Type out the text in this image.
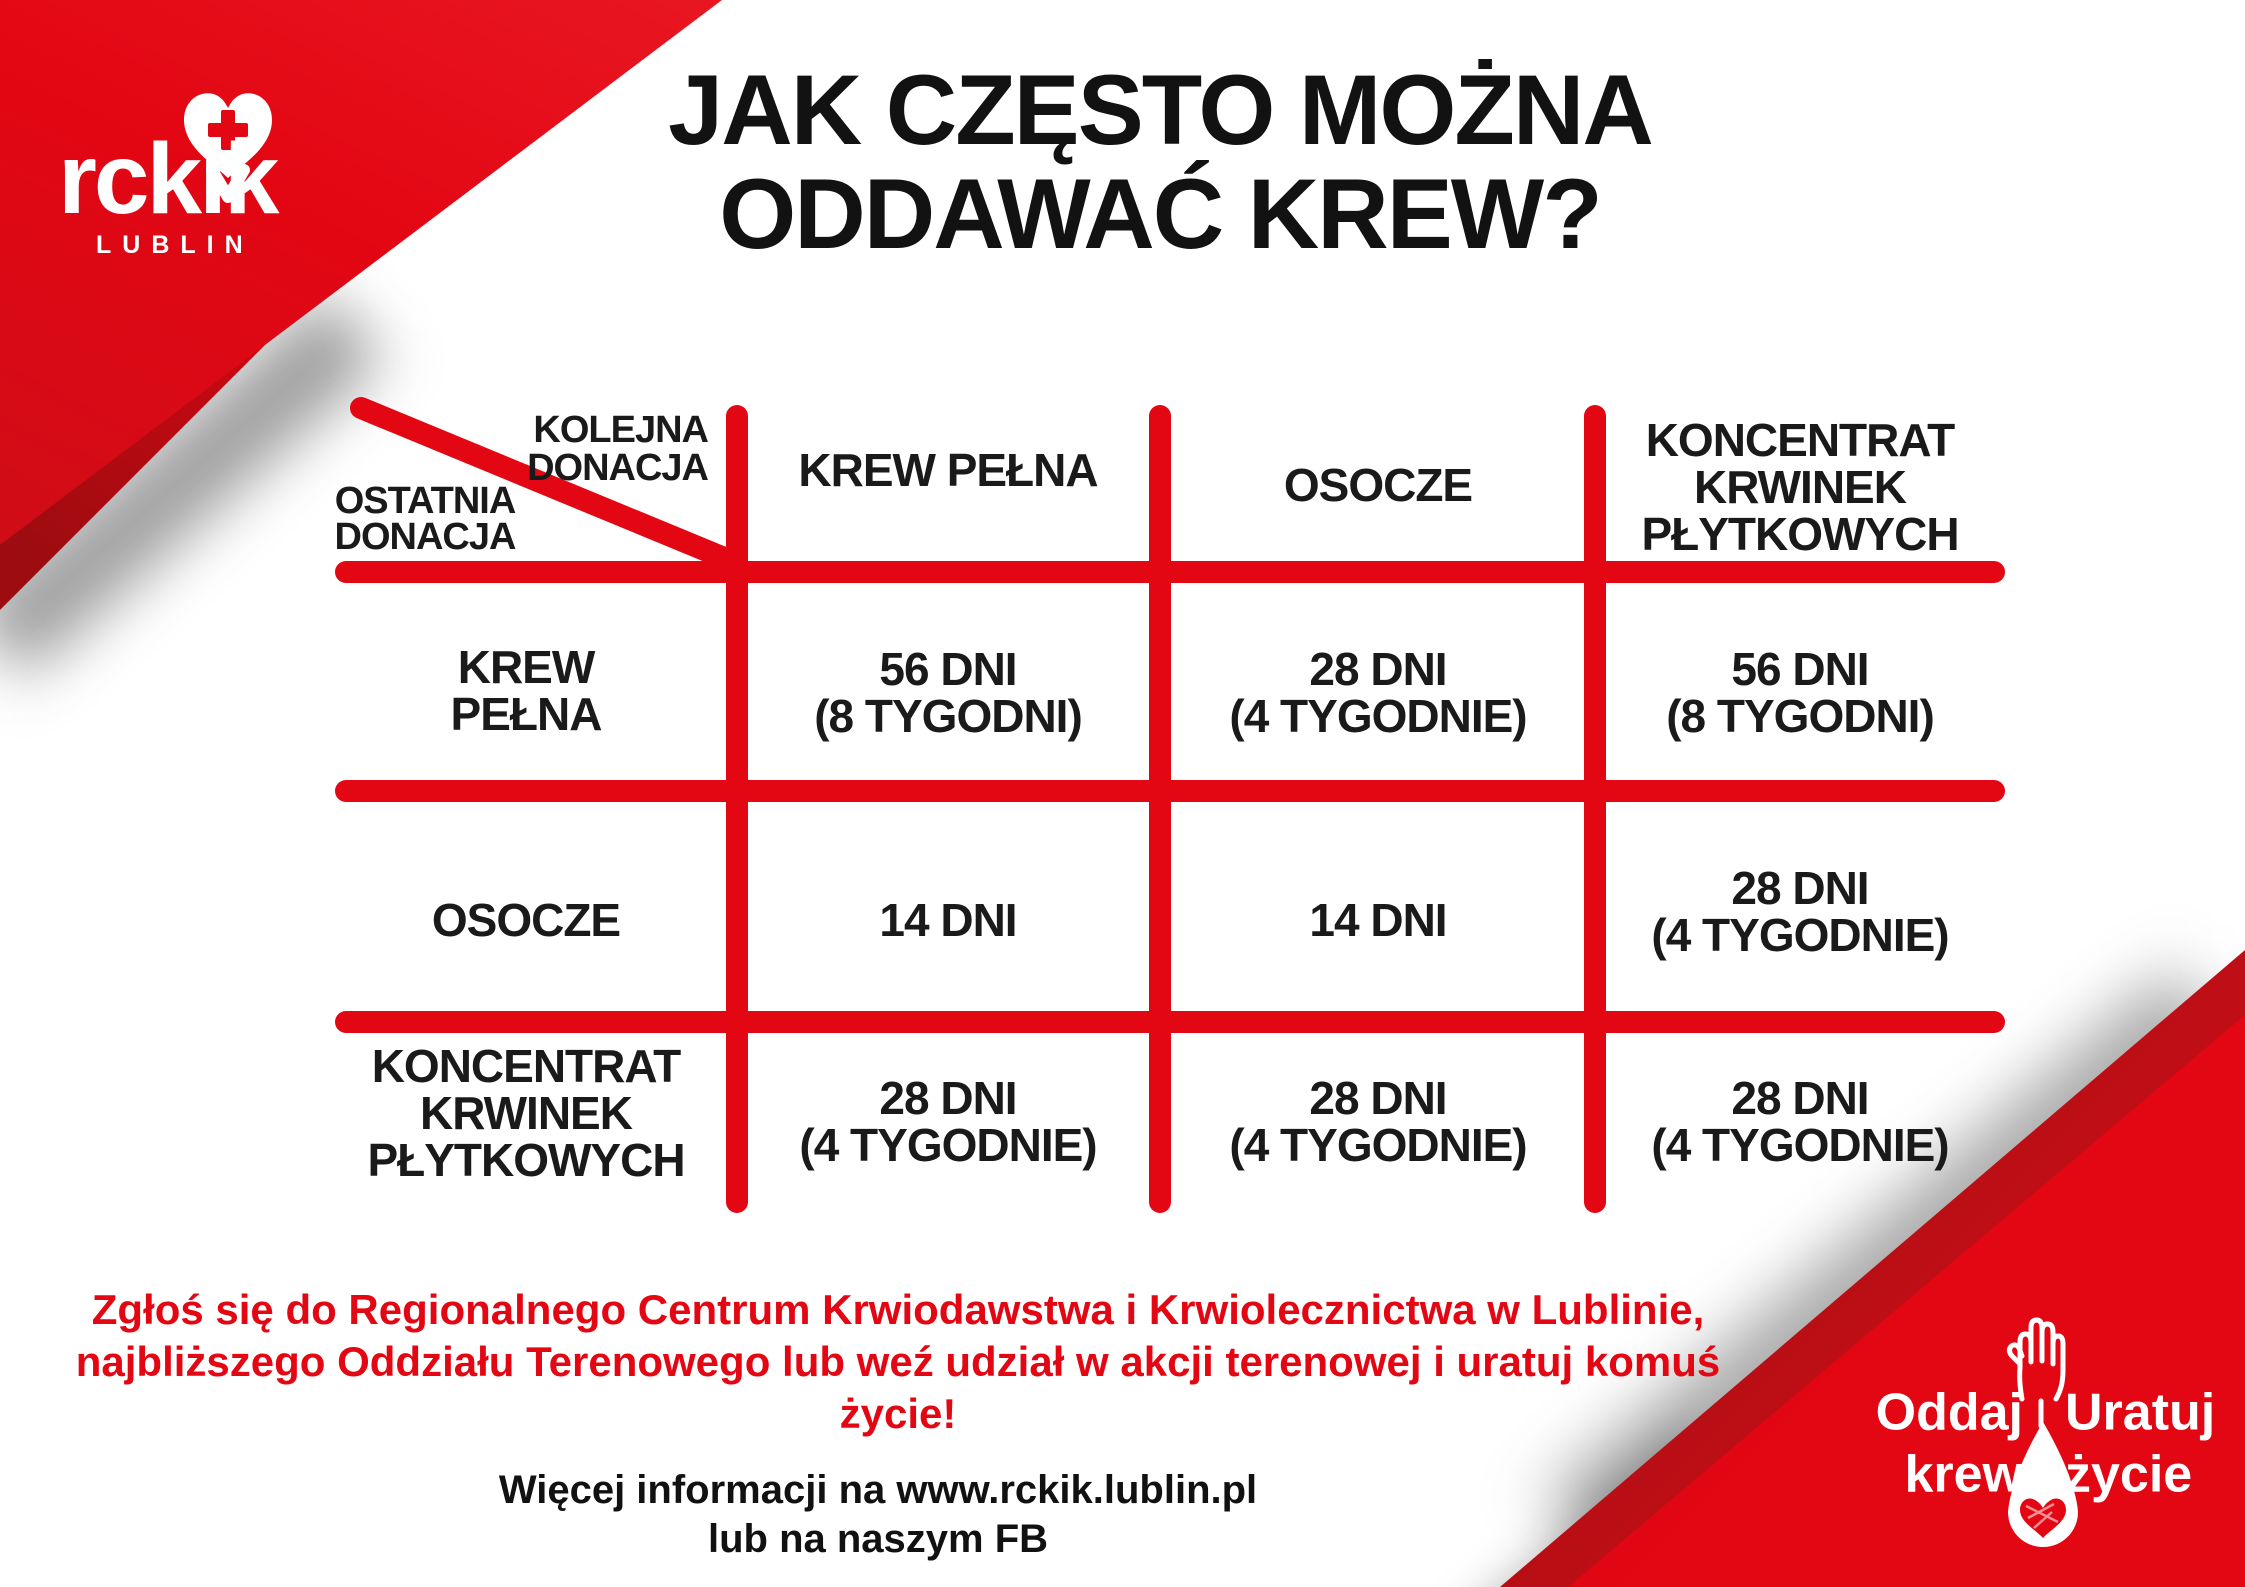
rckik
LUBLIN
JAK CZĘSTO MOŻNA
ODDAWAĆ KREW?
KOLEJNA
DONACJA
OSTATNIA
DONACJA
KREW PEŁNA	OSOCZE
KONCENTRAT
KRWINEK
PŁYTKOWYCH
KREW
PEŁNA
OSOCZE
KONCENTRAT
KRWINEK
PŁYTKOWYCH
56 DNI
(8 TYGODNI)
28 DNI
(4 TYGODNIE)
56 DNI
(8 TYGODNI)
14 DNI	14 DNI
28 DNI
(4 TYGODNIE)
28 DNI
(4 TYGODNIE)
28 DNI
(4 TYGODNIE)
28 DNI
(4 TYGODNIE)
Zgłoś się do Regionalnego Centrum Krwiodawstwa i Krwiolecznictwa w Lublinie,
najbliższego Oddziału Terenowego lub weź udział w akcji terenowej i uratuj komuś życie!
Więcej informacji na www.rckik.lublin.pl
lub na naszym FB
Oddaj
krew
Uratuj
życie
